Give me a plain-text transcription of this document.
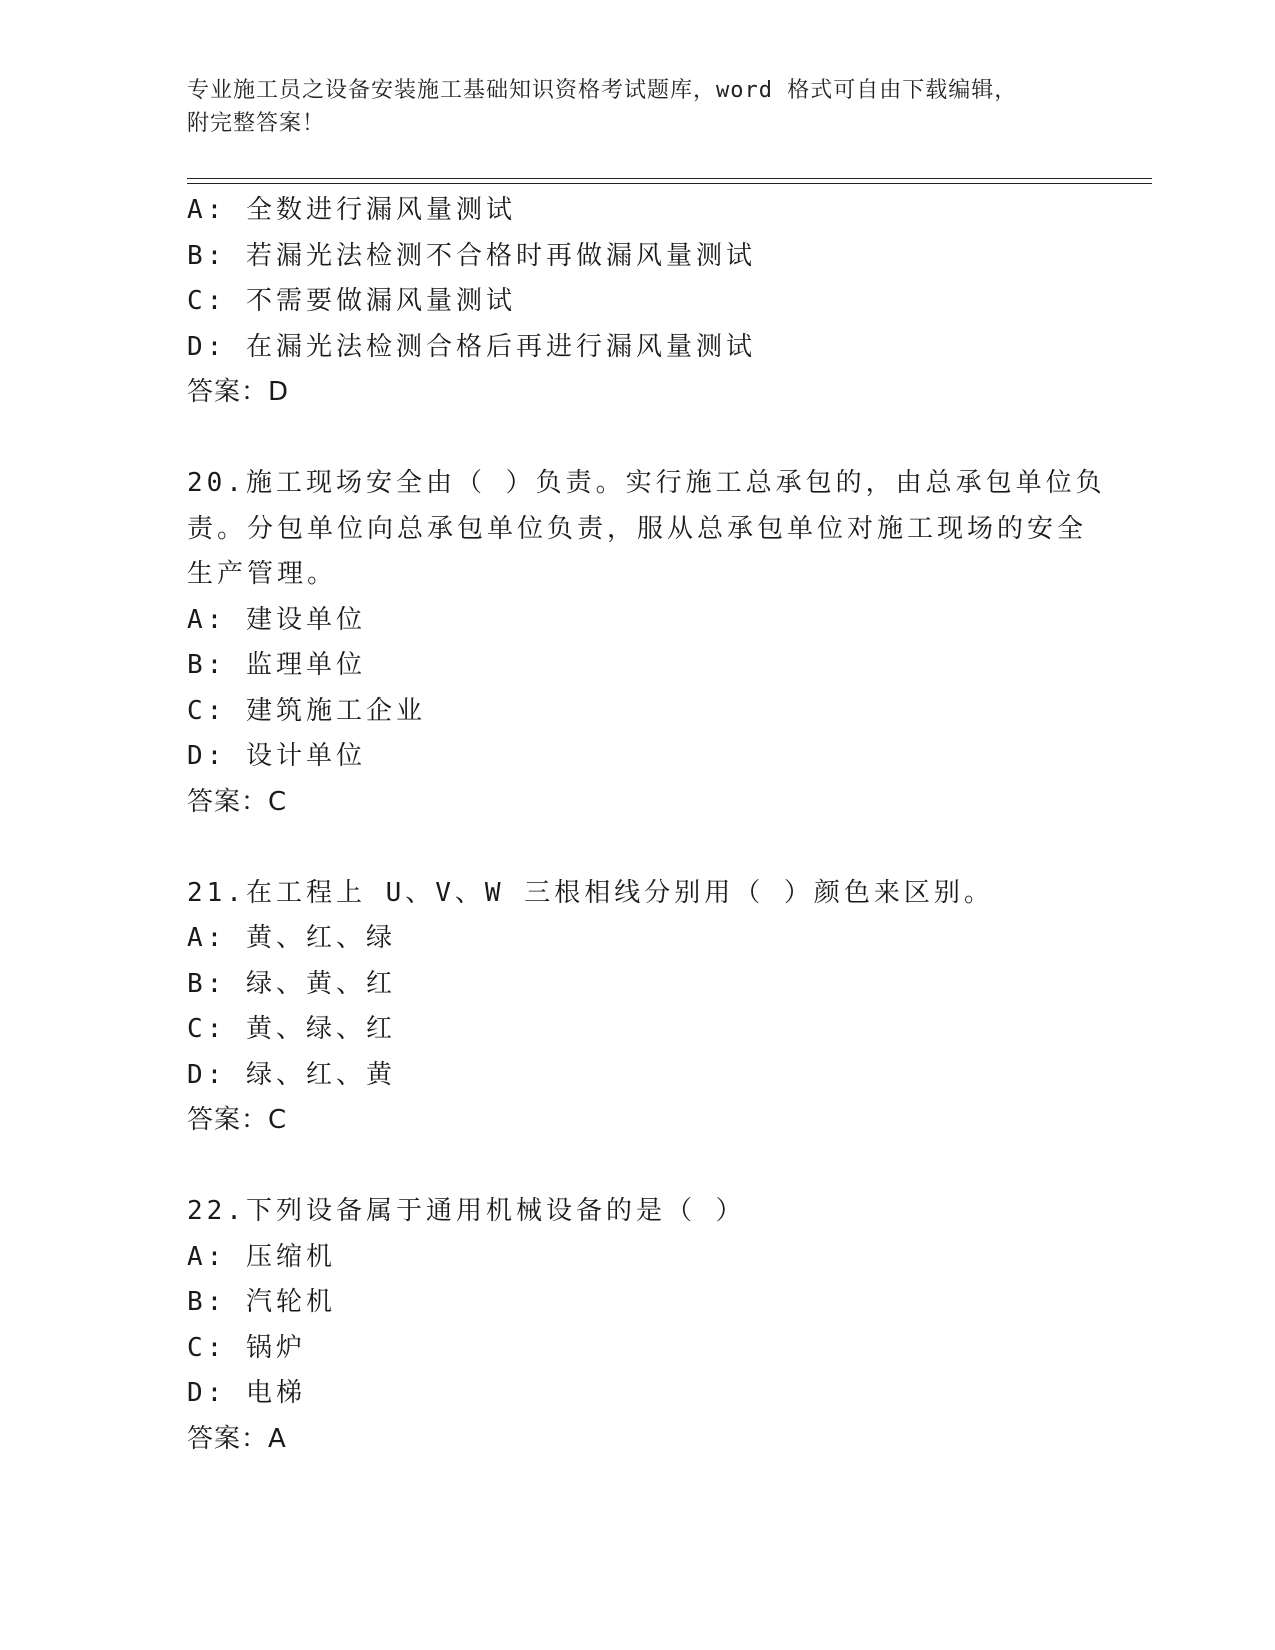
专业施工员之设备安装施工基础知识资格考试题库，word 格式可自由下载编辑，
附完整答案！
A: 全数进行漏风量测试
B: 若漏光法检测不合格时再做漏风量测试
C: 不需要做漏风量测试
D: 在漏光法检测合格后再进行漏风量测试
答案：D
20.施工现场安全由（ ）负责。实行施工总承包的，由总承包单位负
责。分包单位向总承包单位负责，服从总承包单位对施工现场的安全
生产管理。
A: 建设单位
B: 监理单位
C: 建筑施工企业
D: 设计单位
答案：C
21.在工程上 U、V、W 三根相线分别用（ ）颜色来区别。
A: 黄、红、绿
B: 绿、黄、红
C: 黄、绿、红
D: 绿、红、黄
答案：C
22.下列设备属于通用机械设备的是（ ）
A: 压缩机
B: 汽轮机
C: 锅炉
D: 电梯
答案：A
